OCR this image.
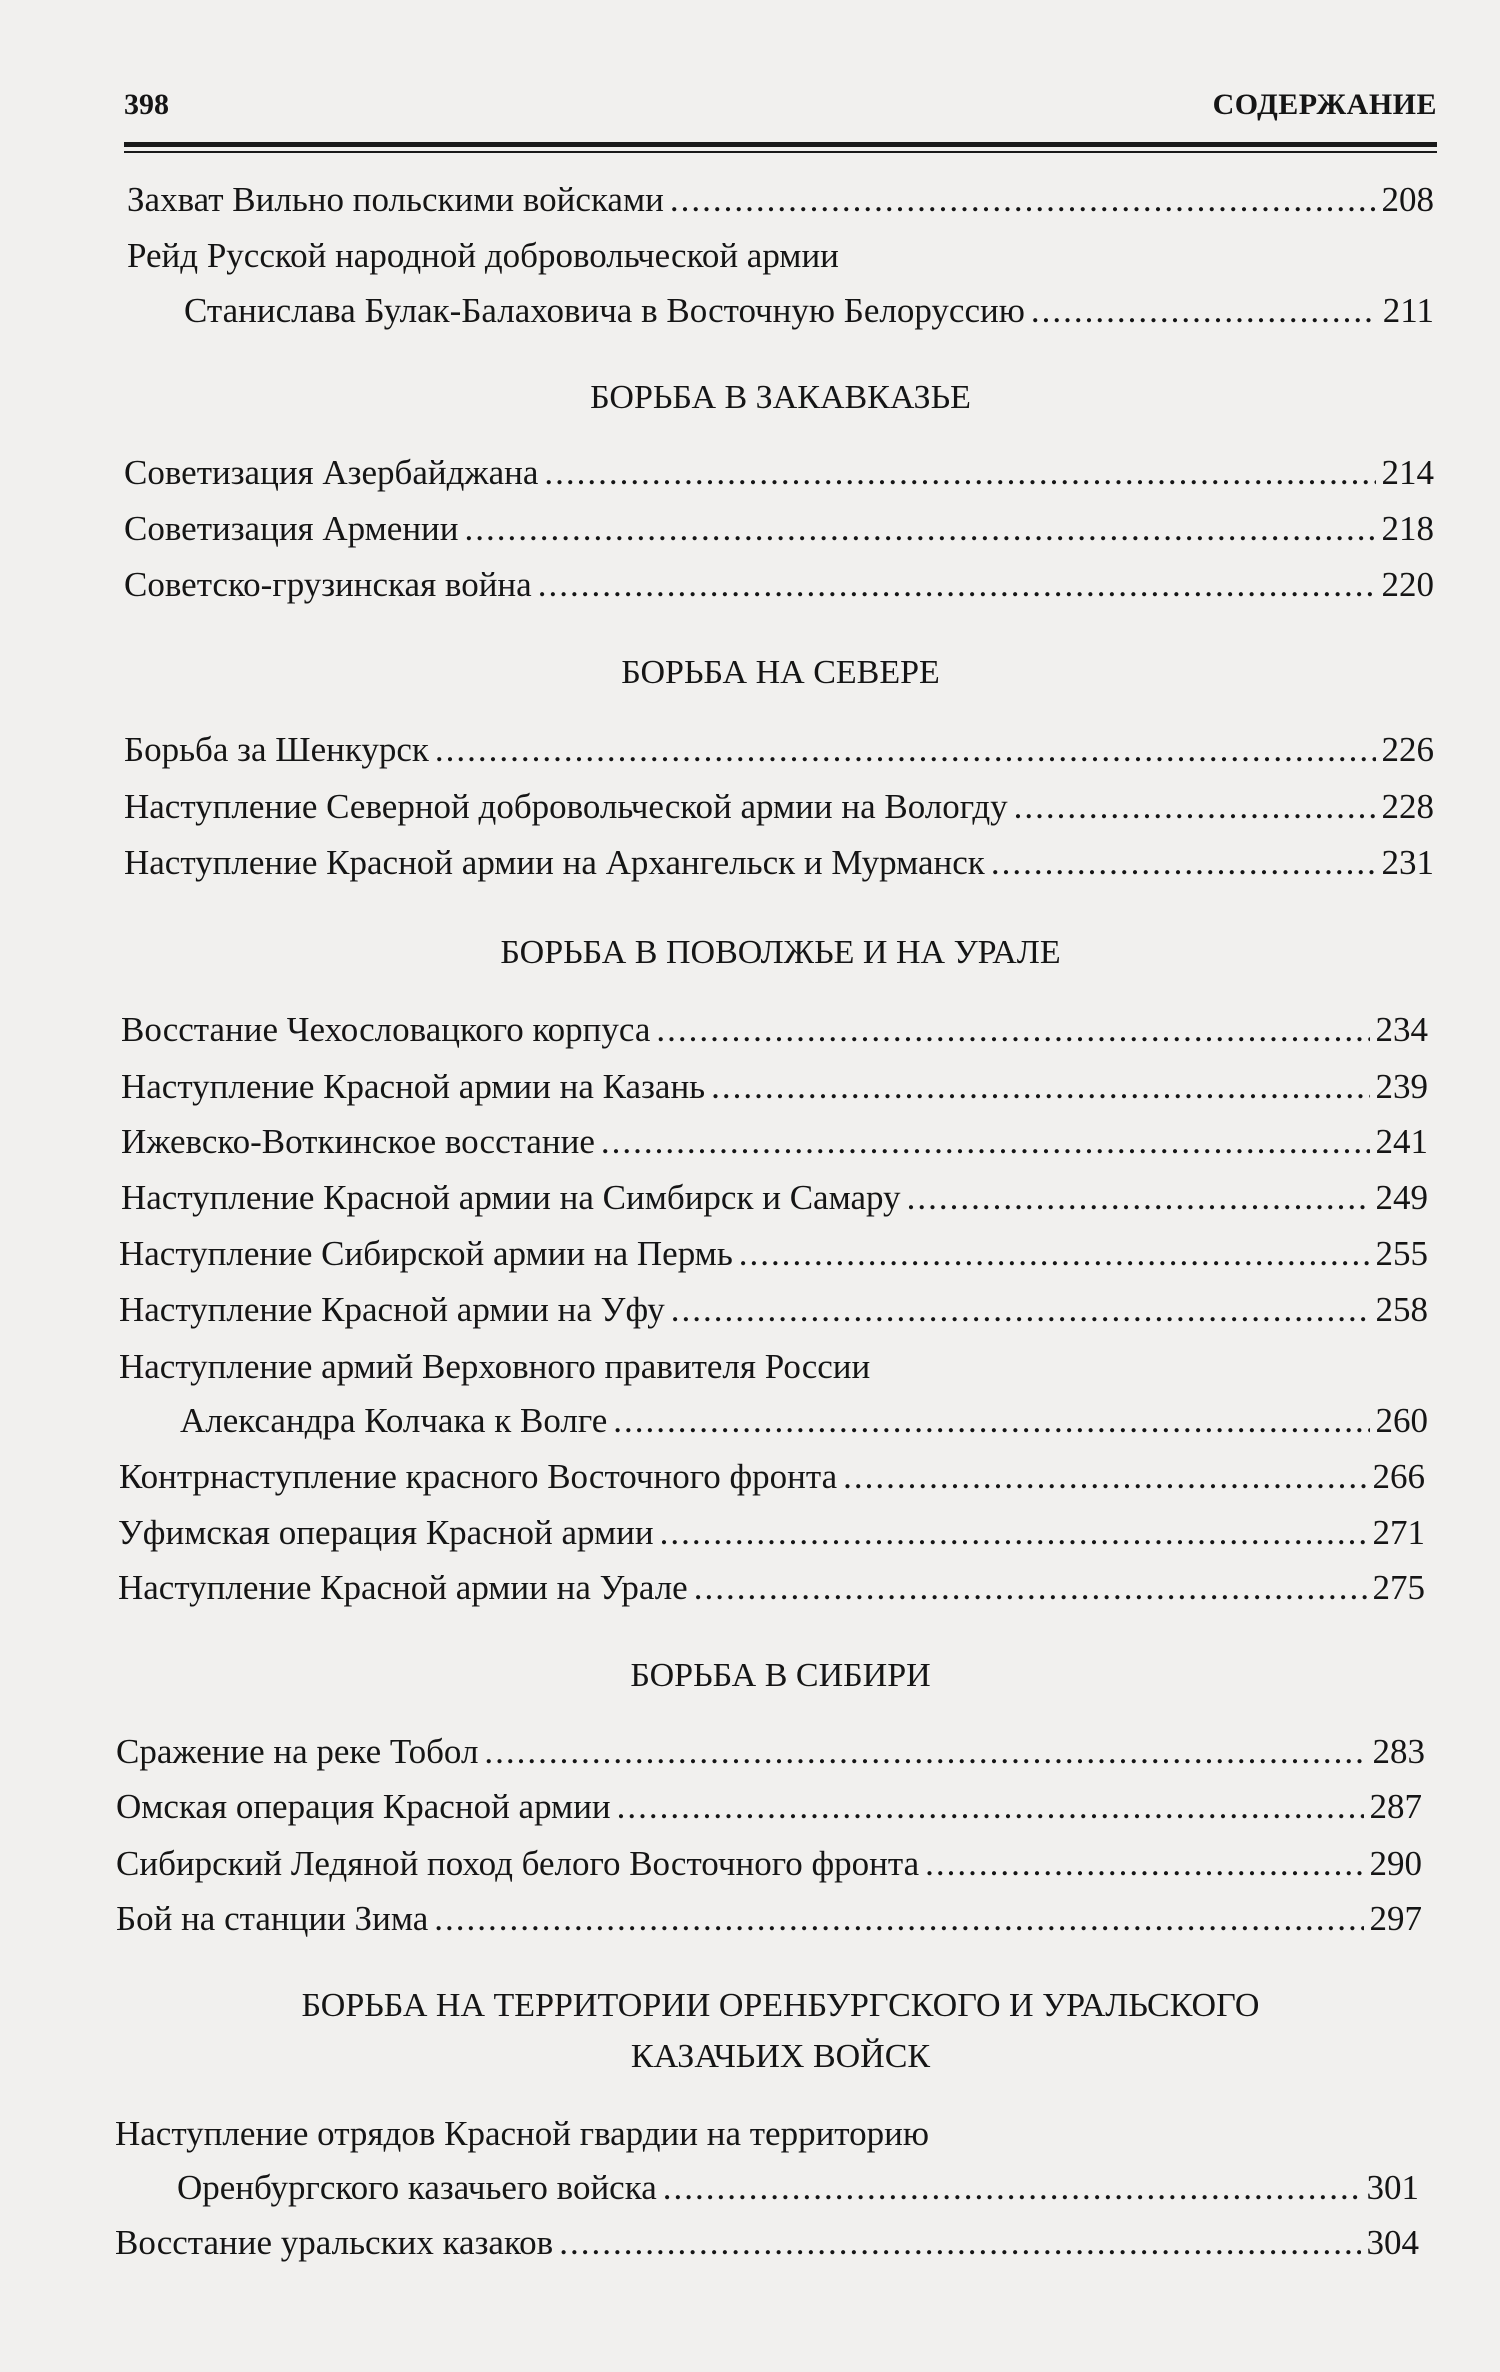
398	СОДЕРЖАНИЕ
Захват Вильно польскими войсками .....	208
Рейд Русской народной добровольческой армии
Станислава Булак-Балаховича в Восточную Белоруссию .....	211
БОРЬБА В ЗАКАВКАЗЬЕ
Советизация Азербайджана .....	214
Советизация Армении .....	218
Советско-грузинская война .....	220
БОРЬБА НА СЕВЕРЕ
Борьба за Шенкурск .....	226
Наступление Северной добровольческой армии на Вологду .....	228
Наступление Красной армии на Архангельск и Мурманск .....	231
БОРЬБА В ПОВОЛЖЬЕ И НА УРАЛЕ
Восстание Чехословацкого корпуса .....	234
Наступление Красной армии на Казань .....	239
Ижевско-Воткинское восстание .....	241
Наступление Красной армии на Симбирск и Самару .....	249
Наступление Сибирской армии на Пермь .....	255
Наступление Красной армии на Уфу .....	258
Наступление армий Верховного правителя России
Александра Колчака к Волге .....	260
Контрнаступление красного Восточного фронта .....	266
Уфимская операция Красной армии .....	271
Наступление Красной армии на Урале .....	275
БОРЬБА В СИБИРИ
Сражение на реке Тобол .....	283
Омская операция Красной армии .....	287
Сибирский Ледяной поход белого Восточного фронта .....	290
Бой на станции Зима .....	297
БОРЬБА НА ТЕРРИТОРИИ ОРЕНБУРГСКОГО И УРАЛЬСКОГО
КАЗАЧЬИХ ВОЙСК
Наступление отрядов Красной гвардии на территорию
Оренбургского казачьего войска .....	301
Восстание уральских казаков .....	304
